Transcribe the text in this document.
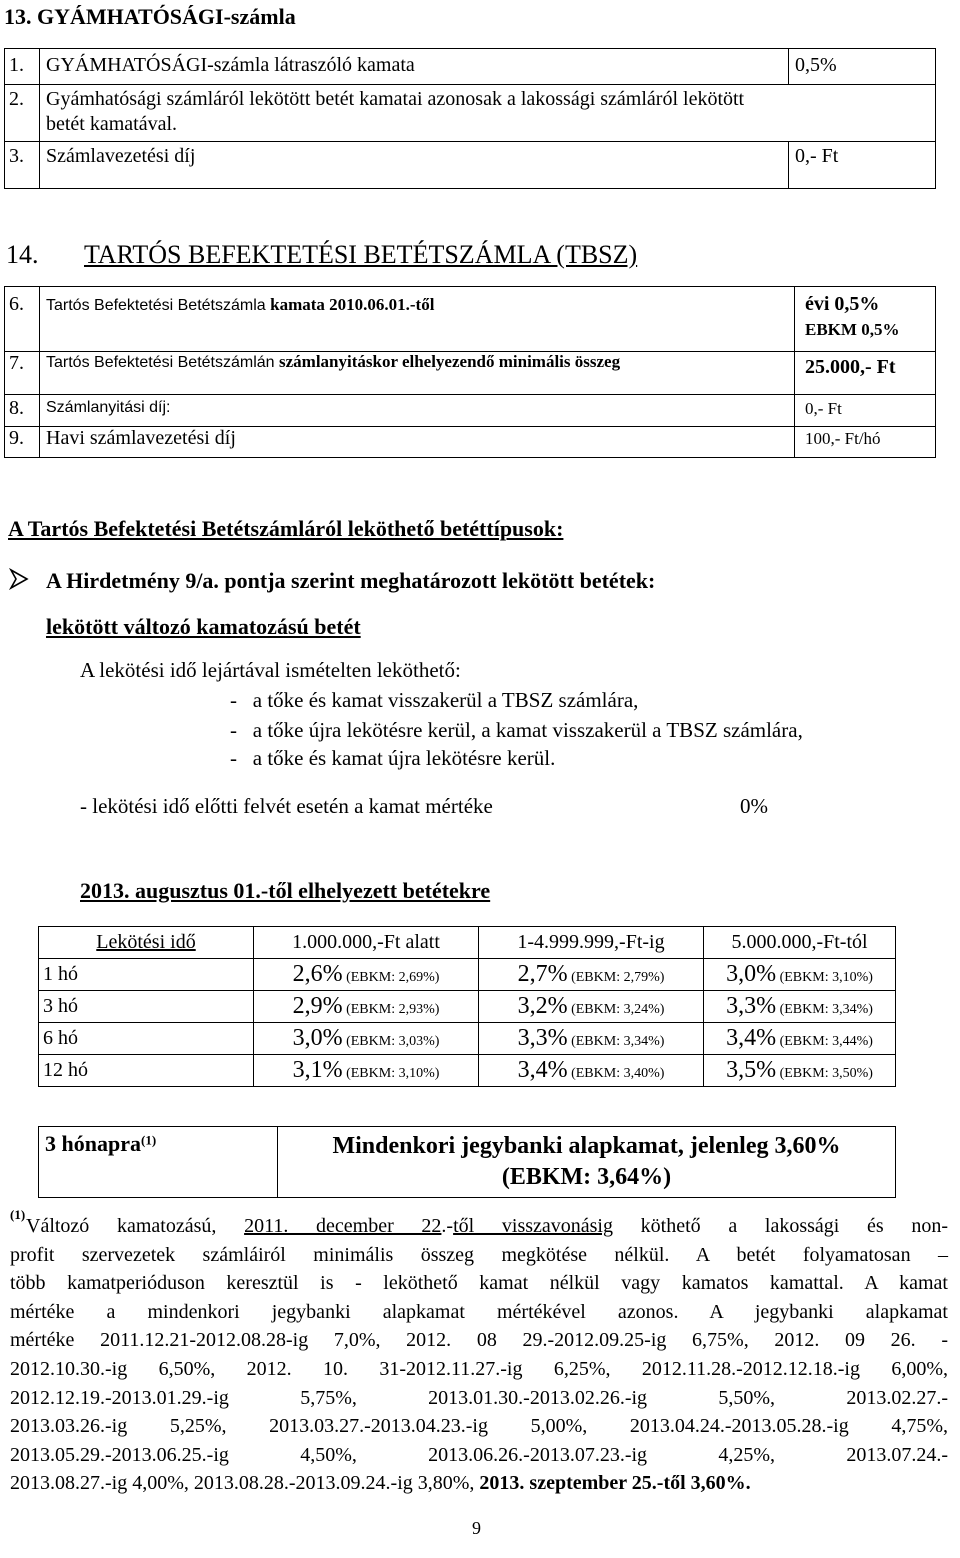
13. GYÁMHATÓSÁGI-számla
1.	GYÁMHATÓSÁGI-számla látraszóló kamata	0,5%
2.	Gyámhatósági számláról lekötött betét kamatai azonosak a lakossági számláról lekötött
betét kamatával.	

3.	Számlavezetési díj	0,- Ft
14. TARTÓS BEFEKTETÉSI BETÉTSZÁMLA (TBSZ)
6.	Tartós Befektetési Betétszámla kamata 2010.06.01.-től	évi 0,5%
EBKM 0,5%

7.	Tartós Befektetési Betétszámlán számlanyitáskor elhelyezendő minimális összeg	25.000,- Ft
8.	Számlanyitási díj:	0,- Ft
9.	Havi számlavezetési díj	100,- Ft/hó
A Tartós Befektetési Betétszámláról leköthető betéttípusok:
A Hirdetmény 9/a. pontja szerint meghatározott lekötött betétek:
lekötött változó kamatozású betét
A lekötési idő lejártával ismételten leköthető:
-   a tőke és kamat visszakerül a TBSZ számlára,
-   a tőke újra lekötésre kerül, a kamat visszakerül a TBSZ számlára,
-   a tőke és kamat újra lekötésre kerül.
- lekötési idő előtti felvét esetén a kamat mértéke	0%
2013. augusztus 01.-től elhelyezett betétekre
Lekötési idő	1.000.000,-Ft alatt	1-4.999.999,-Ft-ig	5.000.000,-Ft-tól
1 hó	2,6% (EBKM: 2,69%)	2,7% (EBKM: 2,79%)	3,0% (EBKM: 3,10%)
3 hó	2,9% (EBKM: 2,93%)	3,2% (EBKM: 3,24%)	3,3% (EBKM: 3,34%)
6 hó	3,0% (EBKM: 3,03%)	3,3% (EBKM: 3,34%)	3,4% (EBKM: 3,44%)
12 hó	3,1% (EBKM: 3,10%)	3,4% (EBKM: 3,40%)	3,5% (EBKM: 3,50%)
3 hónapra$^{(1)}$	Mindenkori jegybanki alapkamat, jelenleg 3,60%
(EBKM: 3,64%)
(1)
Változó kamatozású, 2011. december 22.-től visszavonásig köthető a lakossági és non-
profit szervezetek számláiról minimális összeg megkötése nélkül. A betét folyamatosan –
több kamatperióduson keresztül is - leköthető kamat nélkül vagy kamatos kamattal. A kamat
mértéke a mindenkori jegybanki alapkamat mértékével azonos. A jegybanki alapkamat
mértéke 2011.12.21-2012.08.28-ig 7,0%, 2012. 08 29.-2012.09.25-ig 6,75%, 2012. 09 26. -
2012.10.30.-ig 6,50%, 2012. 10. 31-2012.11.27.-ig 6,25%, 2012.11.28.-2012.12.18.-ig 6,00%,
2012.12.19.-2013.01.29.-ig 5,75%, 2013.01.30.-2013.02.26.-ig 5,50%, 2013.02.27.-
2013.03.26.-ig 5,25%, 2013.03.27.-2013.04.23.-ig 5,00%, 2013.04.24.-2013.05.28.-ig 4,75%,
2013.05.29.-2013.06.25.-ig 4,50%, 2013.06.26.-2013.07.23.-ig 4,25%, 2013.07.24.-
2013.08.27.-ig 4,00%, 2013.08.28.-2013.09.24.-ig 3,80%, 2013. szeptember 25.-től 3,60%.
9
